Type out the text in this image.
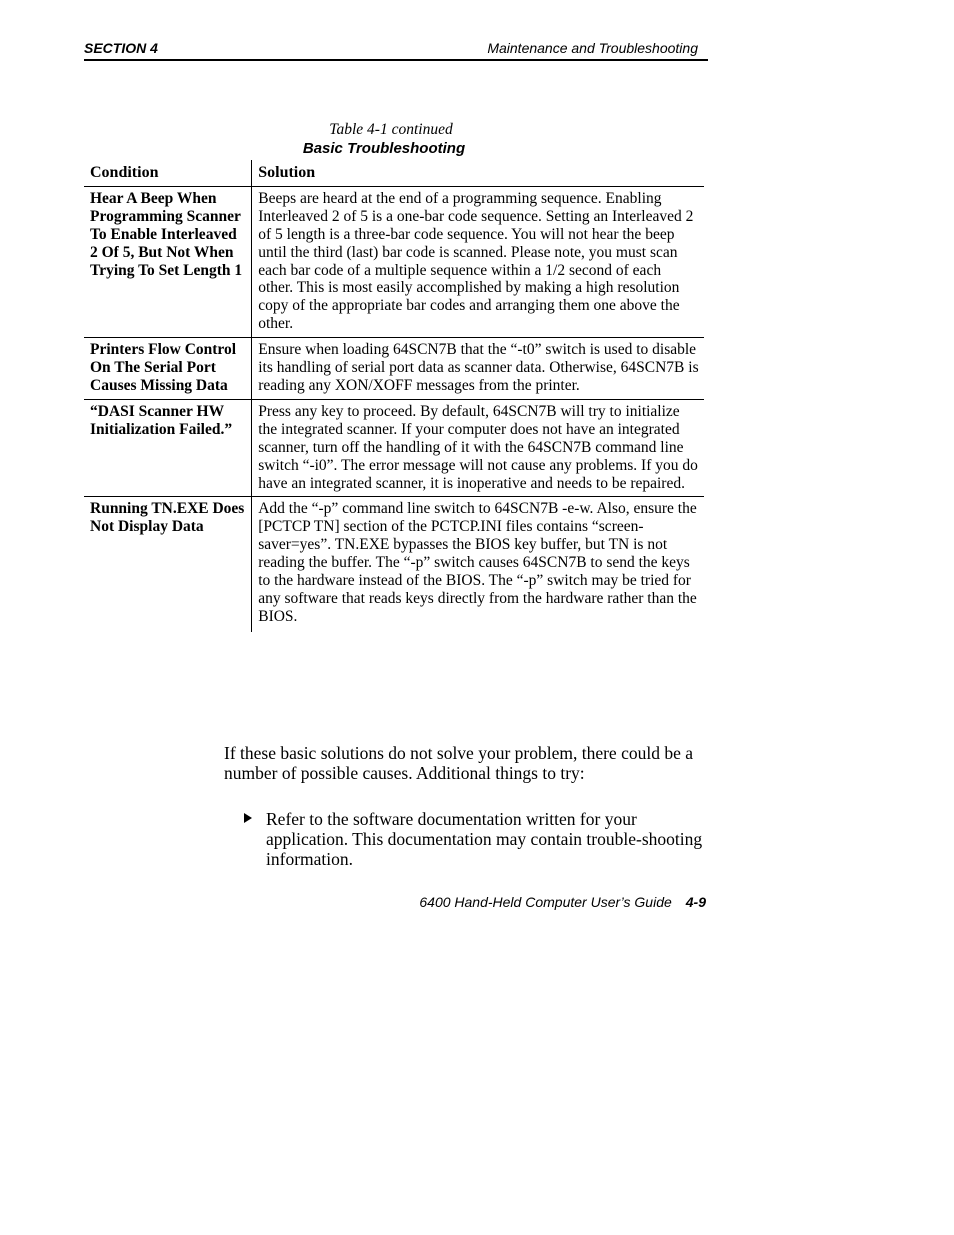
SECTION 4	Maintenance and Troubleshooting
Table 4-1 continued
Basic Troubleshooting
Condition	Solution
Hear A Beep When Programming Scanner To Enable Interleaved 2 Of 5, But Not When Trying To Set Length 1	Beeps are heard at the end of a programming sequence. Enabling Interleaved 2 of 5 is a one-bar code sequence. Setting an Interleaved 2 of 5 length is a three-bar code sequence. You will not hear the beep until the third (last) bar code is scanned. Please note, you must scan each bar code of a multiple sequence within a 1/2 second of each other. This is most easily accomplished by making a high resolution copy of the appropriate bar codes and arranging them one above the other.
Printers Flow Control On The Serial Port Causes Missing Data	Ensure when loading 64SCN7B that the “-t0” switch is used to disable its handling of serial port data as scanner data. Otherwise, 64SCN7B is reading any XON/XOFF messages from the printer.
“DASI Scanner HW Initialization Failed.”	Press any key to proceed. By default, 64SCN7B will try to initialize the integrated scanner. If your computer does not have an integrated scanner, turn off the handling of it with the 64SCN7B command line switch “-i0”. The error message will not cause any problems. If you do have an integrated scanner, it is inoperative and needs to be repaired.
Running TN.EXE Does Not Display Data	Add the “-p” command line switch to 64SCN7B -e-w. Also, ensure the [PCTCP TN] section of the PCTCP.INI files contains “screen-saver=yes”. TN.EXE bypasses the BIOS key buffer, but TN is not reading the buffer. The “-p” switch causes 64SCN7B to send the keys to the hardware instead of the BIOS. The “-p” switch may be tried for any software that reads keys directly from the hardware rather than the BIOS.
If these basic solutions do not solve your problem, there could be a number of possible causes. Additional things to try:
Refer to the software documentation written for your application. This documentation may contain trouble-shooting information.
6400 Hand-Held Computer User’s Guide 4-9
